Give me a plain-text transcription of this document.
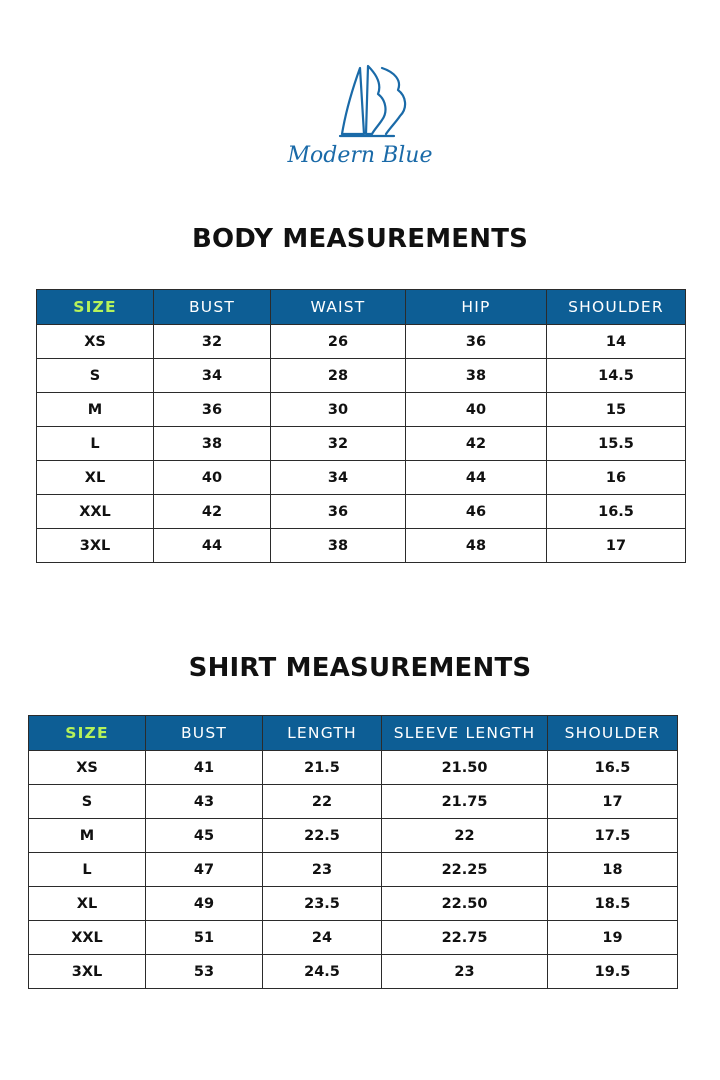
Modern Blue
BODY MEASUREMENTS
SIZE	BUST	WAIST	HIP	SHOULDER
XS	32	26	36	14
S	34	28	38	14.5
M	36	30	40	15
L	38	32	42	15.5
XL	40	34	44	16
XXL	42	36	46	16.5
3XL	44	38	48	17
SHIRT MEASUREMENTS
SIZE	BUST	LENGTH	SLEEVE LENGTH	SHOULDER
XS	41	21.5	21.50	16.5
S	43	22	21.75	17
M	45	22.5	22	17.5
L	47	23	22.25	18
XL	49	23.5	22.50	18.5
XXL	51	24	22.75	19
3XL	53	24.5	23	19.5
